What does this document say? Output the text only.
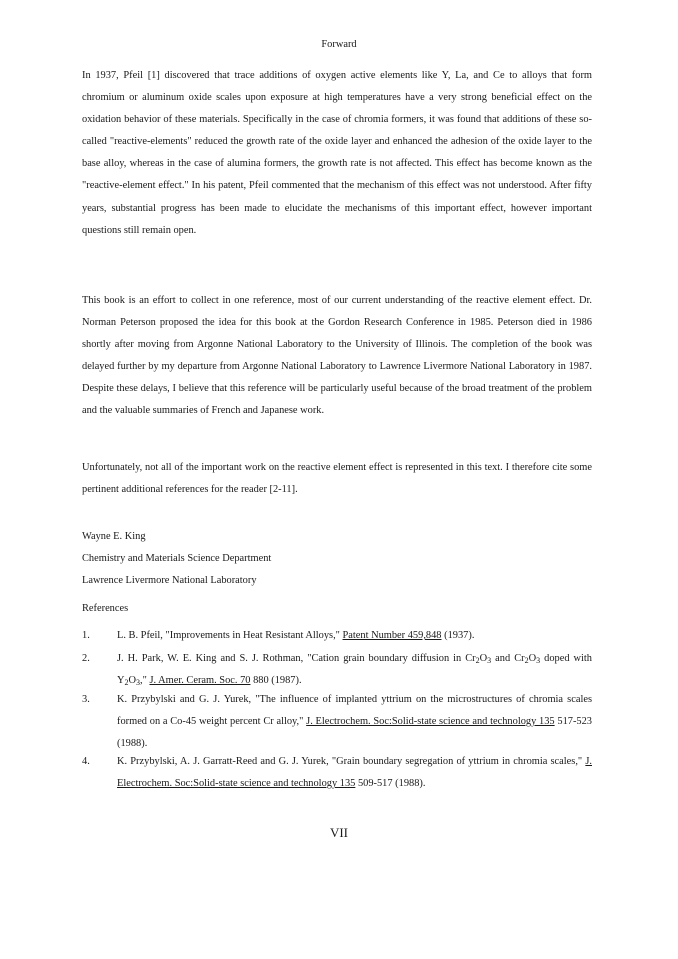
Forward

In 1937, Pfeil [1] discovered that trace additions of oxygen active elements like Y, La, and Ce to alloys that form chromium or aluminum oxide scales upon exposure at high temperatures have a very strong beneficial effect on the oxidation behavior of these materials. Specifically in the case of chromia formers, it was found that additions of these so-called "reactive-elements" reduced the growth rate of the oxide layer and enhanced the adhesion of the oxide layer to the base alloy, whereas in the case of alumina formers, the growth rate is not affected. This effect has become known as the "reactive-element effect." In his patent, Pfeil commented that the mechanism of this effect was not understood. After fifty years, substantial progress has been made to elucidate the mechanisms of this important effect, however important questions still remain open.

This book is an effort to collect in one reference, most of our current understanding of the reactive element effect. Dr. Norman Peterson proposed the idea for this book at the Gordon Research Conference in 1985. Peterson died in 1986 shortly after moving from Argonne National Laboratory to the University of Illinois. The completion of the book was delayed further by my departure from Argonne National Laboratory to Lawrence Livermore National Laboratory in 1987. Despite these delays, I believe that this reference will be particularly useful because of the broad treatment of the problem and the valuable summaries of French and Japanese work.

Unfortunately, not all of the important work on the reactive element effect is represented in this text. I therefore cite some pertinent additional references for the reader [2-11].

Wayne E. King
Chemistry and Materials Science Department
Lawrence Livermore National Laboratory
References
1.	L. B. Pfeil, "Improvements in Heat Resistant Alloys," Patent Number 459,848 (1937).
2.	J. H. Park, W. E. King and S. J. Rothman, "Cation grain boundary diffusion in $Cr_2O_3$ and $Cr_2O_3$ doped with $Y_2O_3$," J. Amer. Ceram. Soc. 70 880 (1987).
3.	K. Przybylski and G. J. Yurek, "The influence of implanted yttrium on the microstructures of chromia scales formed on a Co-45 weight percent Cr alloy," J. Electrochem. Soc:Solid-state science and technology 135 517-523 (1988).
4.	K. Przybylski, A. J. Garratt-Reed and G. J. Yurek, "Grain boundary segregation of yttrium in chromia scales," J. Electrochem. Soc:Solid-state science and technology 135 509-517 (1988).
VII
